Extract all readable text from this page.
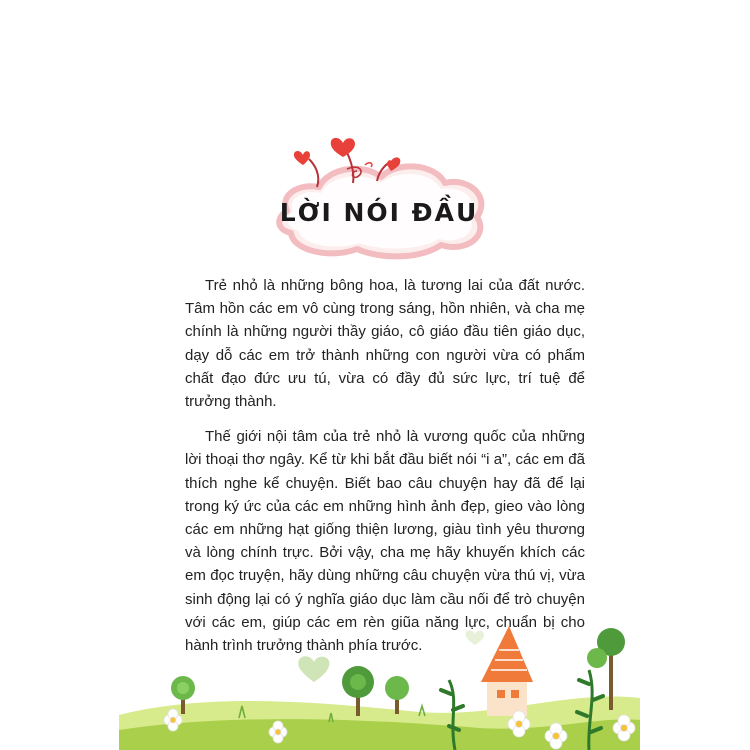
LỜI NÓI ĐẦU

Trẻ nhỏ là những bông hoa, là tương lai của đất nước. Tâm hồn các em vô cùng trong sáng, hồn nhiên, và cha mẹ chính là những người thầy giáo, cô giáo đầu tiên giáo dục, dạy dỗ các em trở thành những con người vừa có phẩm chất đạo đức ưu tú, vừa có đầy đủ sức lực, trí tuệ để trưởng thành.

Thế giới nội tâm của trẻ nhỏ là vương quốc của những lời thoại thơ ngây. Kể từ khi bắt đầu biết nói “i a”, các em đã thích nghe kể chuyện. Biết bao câu chuyện hay đã để lại trong ký ức của các em những hình ảnh đẹp, gieo vào lòng các em những hạt giống thiện lương, giàu tình yêu thương và lòng chính trực. Bởi vậy, cha mẹ hãy khuyến khích các em đọc truyện, hãy dùng những câu chuyện vừa thú vị, vừa sinh động lại có ý nghĩa giáo dục làm cầu nối để trò chuyện với các em, giúp các em rèn giũa năng lực, chuẩn bị cho hành trình trưởng thành phía trước.
